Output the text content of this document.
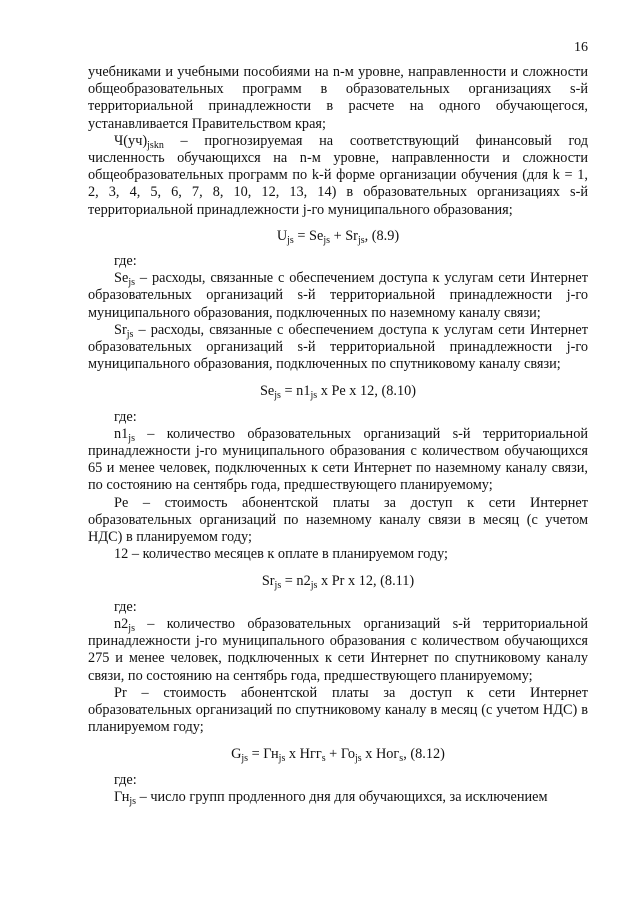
16

учебниками и учебными пособиями на n-м уровне, направленности и сложности общеобразовательных программ в образовательных организациях s-й территориальной принадлежности в расчете на одного обучающегося, устанавливается Правительством края;

$Ч(уч)_{jskn}$ – прогнозируемая на соответствующий финансовый год численность обучающихся на n-м уровне, направленности и сложности общеобразовательных программ по k-й форме организации обучения (для k = 1, 2, 3, 4, 5, 6, 7, 8, 10, 12, 13, 14) в образовательных организациях s-й территориальной принадлежности j-го муниципального образования;

$U_{js} = Se_{js} + Sr_{js}$, (8.9)

где:

$Se_{js}$ – расходы, связанные с обеспечением доступа к услугам сети Интернет образовательных организаций s-й территориальной принадлежности j-го муниципального образования, подключенных по наземному каналу связи;

$Sr_{js}$ – расходы, связанные с обеспечением доступа к услугам сети Интернет образовательных организаций s-й территориальной принадлежности j-го муниципального образования, подключенных по спутниковому каналу связи;

$Se_{js} = n1_{js}$ x Pe x 12, (8.10)

где:

$n1_{js}$ – количество образовательных организаций s-й территориальной принадлежности j-го муниципального образования с количеством обучающихся 65 и менее человек, подключенных к сети Интернет по наземному каналу связи, по состоянию на сентябрь года, предшествующего планируемому;

Pe – стоимость абонентской платы за доступ к сети Интернет образовательных организаций по наземному каналу связи в месяц (с учетом НДС) в планируемом году;

12 – количество месяцев к оплате в планируемом году;

$Sr_{js} = n2_{js}$ x Pr x 12, (8.11)

где:

$n2_{js}$ – количество образовательных организаций s-й территориальной принадлежности j-го муниципального образования с количеством обучающихся 275 и менее человек, подключенных к сети Интернет по спутниковому каналу связи, по состоянию на сентябрь года, предшествующего планируемому;

Pr – стоимость абонентской платы за доступ к сети Интернет образовательных организаций по спутниковому каналу в месяц (с учетом НДС) в планируемом году;

$G_{js} = Гн_{js}$ x $Нгг_s + Го_{js}$ x Ног$_s$, (8.12)

где:

$Гн_{js}$ – число групп продленного дня для обучающихся, за исключением
